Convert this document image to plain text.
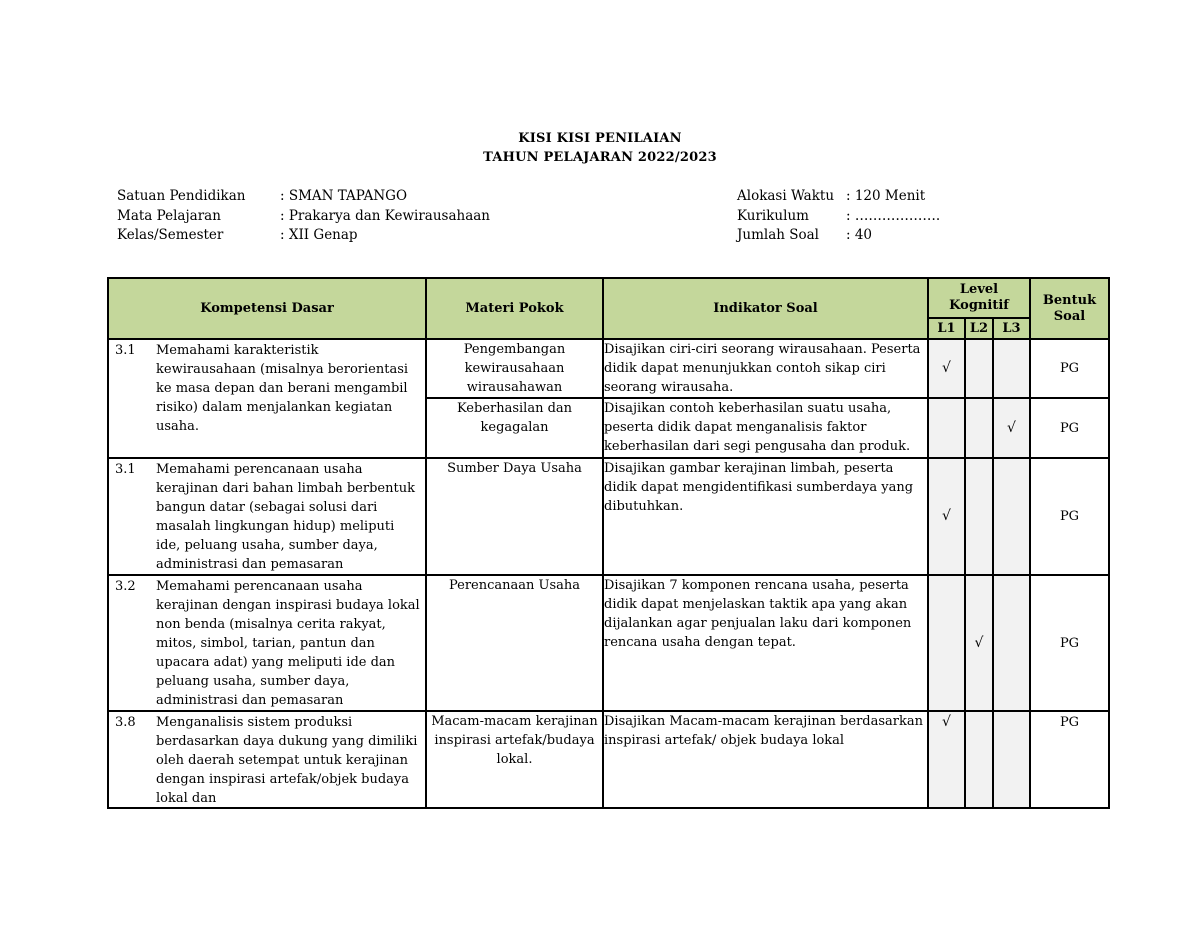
KISI KISI PENILAIAN
TAHUN PELAJARAN 2022/2023
Satuan Pendidikan	: SMAN TAPANGO
Mata Pelajaran	: Prakarya dan Kewirausahaan
Kelas/Semester	: XII Genap
Alokasi Waktu : 120 Menit
Kurikulum	: ……………….
Jumlah Soal	: 40
Kompetensi Dasar	Materi Pokok	Indikator Soal	Level Kognitif			Bentuk Soal
			L1	L2	L3	

3.1 Memahami karakteristik kewirausahaan (misalnya berorientasi ke masa depan dan berani mengambil risiko) dalam menjalankan kegiatan usaha.	Pengembangan kewirausahaan wirausahawan	Disajikan ciri-ciri seorang wirausahaan. Peserta didik dapat menunjukkan contoh sikap ciri seorang wirausaha.	√			PG
	Keberhasilan dan kegagalan	Disajikan contoh keberhasilan suatu usaha, peserta didik dapat menganalisis faktor keberhasilan dari segi pengusaha dan produk.			√	PG

3.1 Memahami perencanaan usaha kerajinan dari bahan limbah berbentuk bangun datar (sebagai solusi dari masalah lingkungan hidup) meliputi ide, peluang usaha, sumber daya, administrasi dan pemasaran	Sumber Daya Usaha	Disajikan gambar kerajinan limbah, peserta didik dapat mengidentifikasi sumberdaya yang dibutuhkan.	√			PG

3.2 Memahami perencanaan usaha kerajinan dengan inspirasi budaya lokal non benda (misalnya cerita rakyat, mitos, simbol, tarian, pantun dan upacara adat) yang meliputi ide dan peluang usaha, sumber daya, administrasi dan pemasaran	Perencanaan Usaha	Disajikan 7 komponen rencana usaha, peserta didik dapat menjelaskan taktik apa yang akan dijalankan agar penjualan laku dari komponen rencana usaha dengan tepat.		√		PG

3.8 Menganalisis sistem produksi berdasarkan daya dukung yang dimiliki oleh daerah setempat untuk kerajinan dengan inspirasi artefak/objek budaya lokal dan	Macam-macam kerajinan inspirasi artefak/budaya lokal.	Disajikan Macam-macam kerajinan berdasarkan inspirasi artefak/ objek budaya lokal	√			PG
